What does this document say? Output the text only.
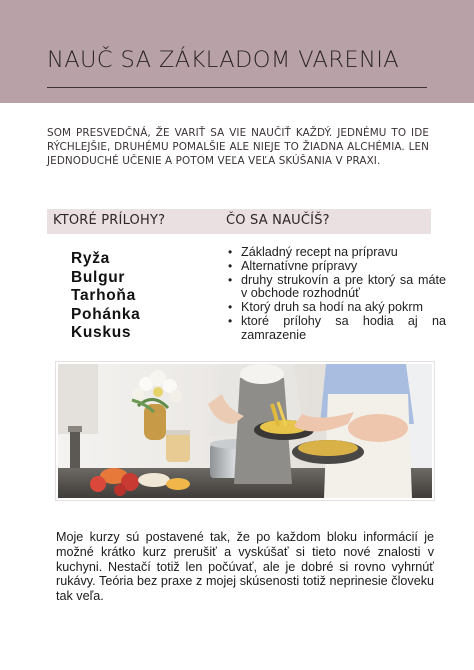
NAUČ SA ZÁKLADOM VARENIA

SOM PRESVEDČNÁ, ŽE VARIŤ SA VIE NAUČIŤ KAŽDÝ. JEDNÉMU TO IDE RÝCHLEJŠIE, DRUHÉMU POMALŠIE ALE NIEJE TO ŽIADNA ALCHÉMIA. LEN JEDNODUCHÉ UČENIE A POTOM VEĽA VEĽA SKÚŠANIA V PRAXI.

KTORÉ PRÍLOHY?	ČO SA NAUČÍŠ?
Ryža
Bulgur
Tarhoňa
Pohánka
Kuskus
• Základný recept na prípravu
• Alternatívne prípravy
• druhy strukovín a pre ktorý sa máte v obchode rozhodnúť
• Ktorý druh sa hodí na aký pokrm
• ktoré prílohy sa hodia aj na zamrazenie

Moje kurzy sú postavené tak, že po každom bloku informácií je možné krátko kurz prerušiť a vyskúšať si tieto nové znalosti v kuchyni. Nestačí totiž len počúvať, ale je dobré si rovno vyhrnúť rukávy. Teória bez praxe z mojej skúsenosti totiž neprinesie človeku tak veľa.
